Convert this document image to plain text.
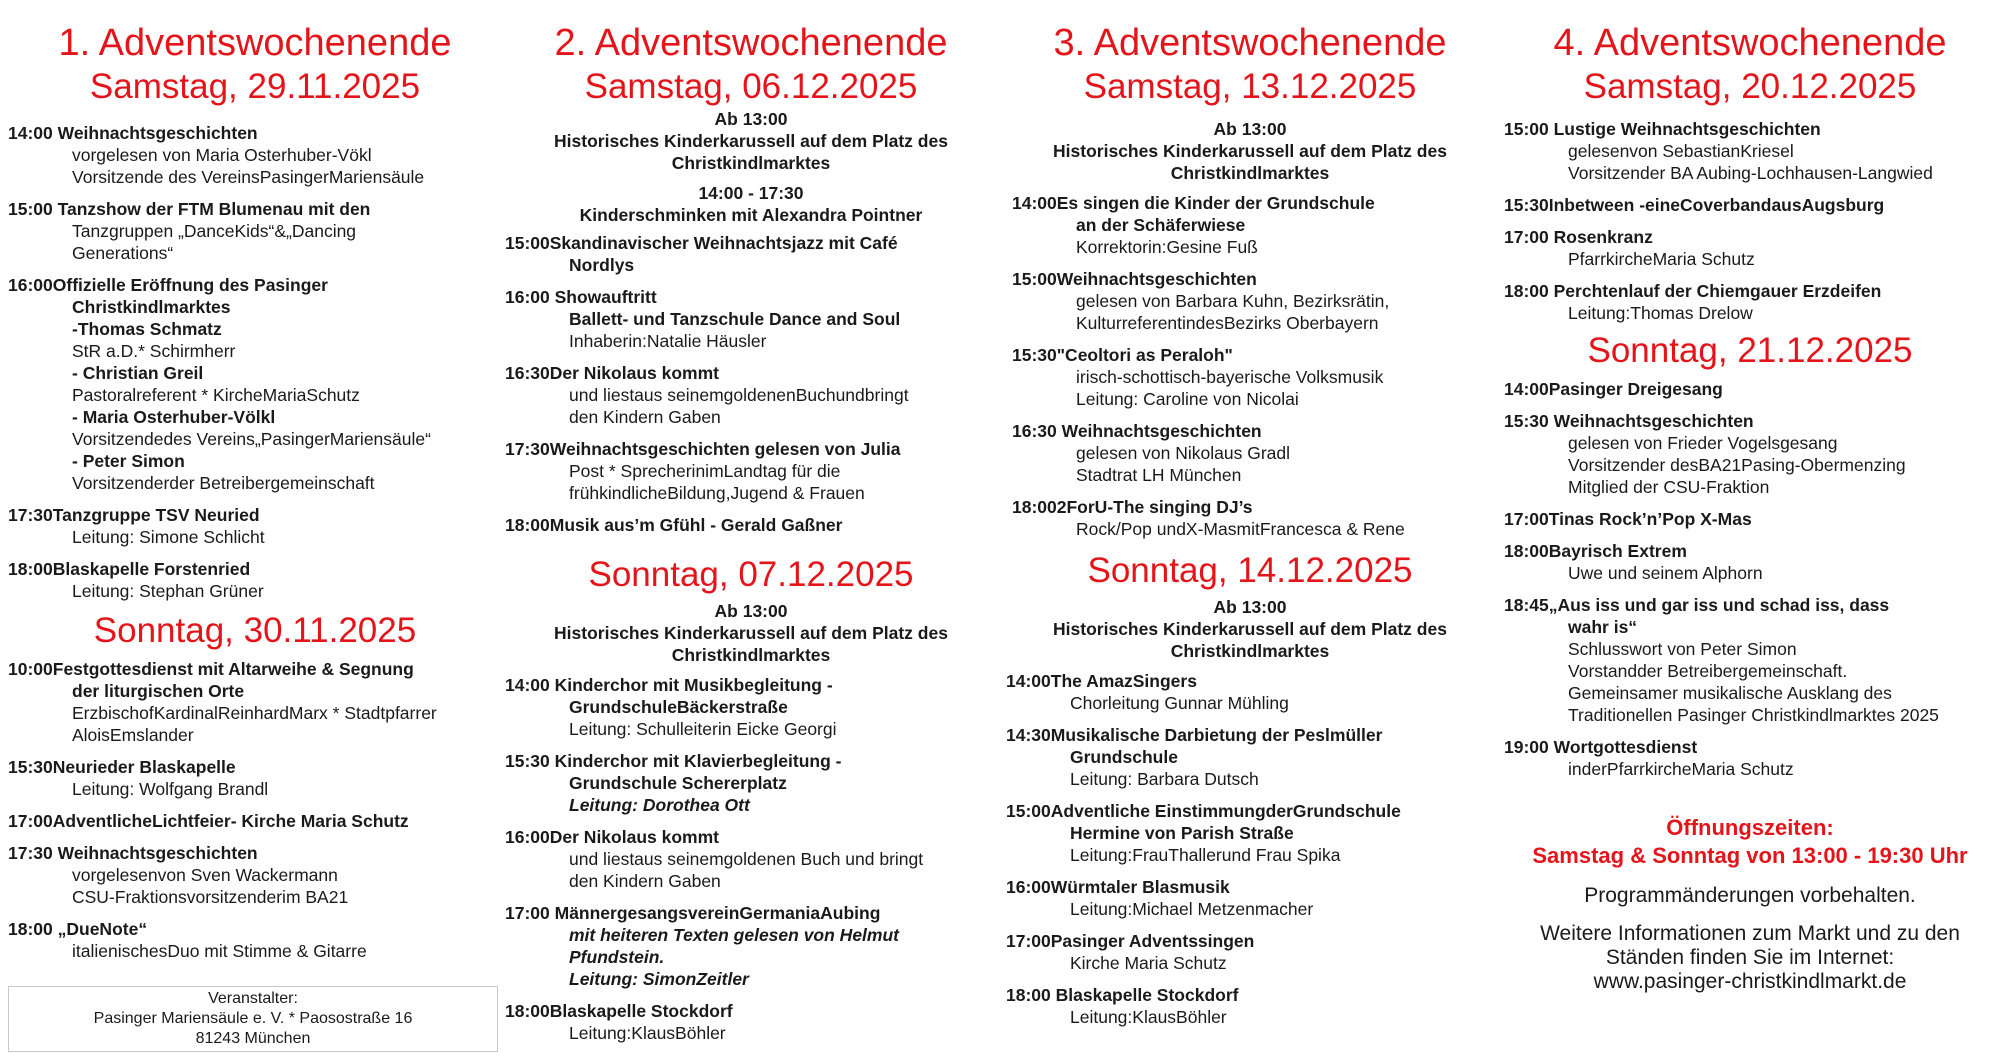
1. Adventswochenende
Samstag, 29.11.2025
14:00 Weihnachtsgeschichten
vorgelesen von Maria Osterhuber-Vökl
Vorsitzende des VereinsPasingerMariensäule
15:00 Tanzshow der FTM Blumenau mit den
Tanzgruppen „DanceKids“&„Dancing
Generations“
16:00Offizielle Eröffnung des Pasinger
Christkindlmarktes
-Thomas Schmatz
StR a.D.* Schirmherr
- Christian Greil
Pastoralreferent * KircheMariaSchutz
- Maria Osterhuber-Völkl
Vorsitzendedes Vereins„PasingerMariensäule“
- Peter Simon
Vorsitzenderder Betreibergemeinschaft
17:30Tanzgruppe TSV Neuried
Leitung: Simone Schlicht
18:00Blaskapelle Forstenried
Leitung: Stephan Grüner
Sonntag, 30.11.2025
10:00Festgottesdienst mit Altarweihe & Segnung
der liturgischen Orte
ErzbischofKardinalReinhardMarx * Stadtpfarrer
AloisEmslander
15:30Neurieder Blaskapelle
Leitung: Wolfgang Brandl
17:00AdventlicheLichtfeier- Kirche Maria Schutz
17:30 Weihnachtsgeschichten
vorgelesenvon Sven Wackermann
CSU-Fraktionsvorsitzenderim BA21
18:00 „DueNote“
italienischesDuo mit Stimme & Gitarre
Veranstalter:
Pasinger Mariensäule e. V. * Paosostraße 16
81243 München
2. Adventswochenende
Samstag, 06.12.2025
Ab 13:00
Historisches Kinderkarussell auf dem Platz des
Christkindlmarktes
14:00 - 17:30
Kinderschminken mit Alexandra Pointner
15:00Skandinavischer Weihnachtsjazz mit Café
Nordlys
16:00 Showauftritt
Ballett- und Tanzschule Dance and Soul
Inhaberin:Natalie Häusler
16:30Der Nikolaus kommt
und liestaus seinemgoldenenBuchundbringt
den Kindern Gaben
17:30Weihnachtsgeschichten gelesen von Julia
Post * SprecherinimLandtag für die
frühkindlicheBildung,Jugend & Frauen
18:00Musik aus’m Gfühl - Gerald Gaßner
Sonntag, 07.12.2025
Ab 13:00
Historisches Kinderkarussell auf dem Platz des
Christkindlmarktes
14:00 Kinderchor mit Musikbegleitung -
GrundschuleBäckerstraße
Leitung: Schulleiterin Eicke Georgi
15:30 Kinderchor mit Klavierbegleitung -
Grundschule Schererplatz
Leitung: Dorothea Ott
16:00Der Nikolaus kommt
und liestaus seinemgoldenen Buch und bringt
den Kindern Gaben
17:00 MännergesangsvereinGermaniaAubing
mit heiteren Texten gelesen von Helmut
Pfundstein.
Leitung: SimonZeitler
18:00Blaskapelle Stockdorf
Leitung:KlausBöhler
3. Adventswochenende
Samstag, 13.12.2025
Ab 13:00
Historisches Kinderkarussell auf dem Platz des
Christkindlmarktes
14:00Es singen die Kinder der Grundschule
an der Schäferwiese
Korrektorin:Gesine Fuß
15:00Weihnachtsgeschichten
gelesen von Barbara Kuhn, Bezirksrätin,
KulturreferentindesBezirks Oberbayern
15:30"Ceoltori as Peraloh"
irisch-schottisch-bayerische Volksmusik
Leitung: Caroline von Nicolai
16:30 Weihnachtsgeschichten
gelesen von Nikolaus Gradl
Stadtrat LH München
18:002ForU-The singing DJ’s
Rock/Pop undX-MasmitFrancesca & Rene
Sonntag, 14.12.2025
Ab 13:00
Historisches Kinderkarussell auf dem Platz des
Christkindlmarktes
14:00The AmazSingers
Chorleitung Gunnar Mühling
14:30Musikalische Darbietung der Peslmüller
Grundschule
Leitung: Barbara Dutsch
15:00Adventliche EinstimmungderGrundschule
Hermine von Parish Straße
Leitung:FrauThallerund Frau Spika
16:00Würmtaler Blasmusik
Leitung:Michael Metzenmacher
17:00Pasinger Adventssingen
Kirche Maria Schutz
18:00 Blaskapelle Stockdorf
Leitung:KlausBöhler
4. Adventswochenende
Samstag, 20.12.2025
15:00 Lustige Weihnachtsgeschichten
gelesenvon SebastianKriesel
Vorsitzender BA Aubing-Lochhausen-Langwied
15:30Inbetween -eineCoverbandausAugsburg
17:00 Rosenkranz
PfarrkircheMaria Schutz
18:00 Perchtenlauf der Chiemgauer Erzdeifen
Leitung:Thomas Drelow
Sonntag, 21.12.2025
14:00Pasinger Dreigesang
15:30 Weihnachtsgeschichten
gelesen von Frieder Vogelsgesang
Vorsitzender desBA21Pasing-Obermenzing
Mitglied der CSU-Fraktion
17:00Tinas Rock’n’Pop X-Mas
18:00Bayrisch Extrem
Uwe und seinem Alphorn
18:45„Aus iss und gar iss und schad iss, dass
wahr is“
Schlusswort von Peter Simon
Vorstandder Betreibergemeinschaft.
Gemeinsamer musikalische Ausklang des
Traditionellen Pasinger Christkindlmarktes 2025
19:00 Wortgottesdienst
inderPfarrkircheMaria Schutz
Öffnungszeiten:
Samstag & Sonntag von 13:00 - 19:30 Uhr
Programmänderungen vorbehalten.
Weitere Informationen zum Markt und zu den
Ständen finden Sie im Internet:
www.pasinger-christkindlmarkt.de
